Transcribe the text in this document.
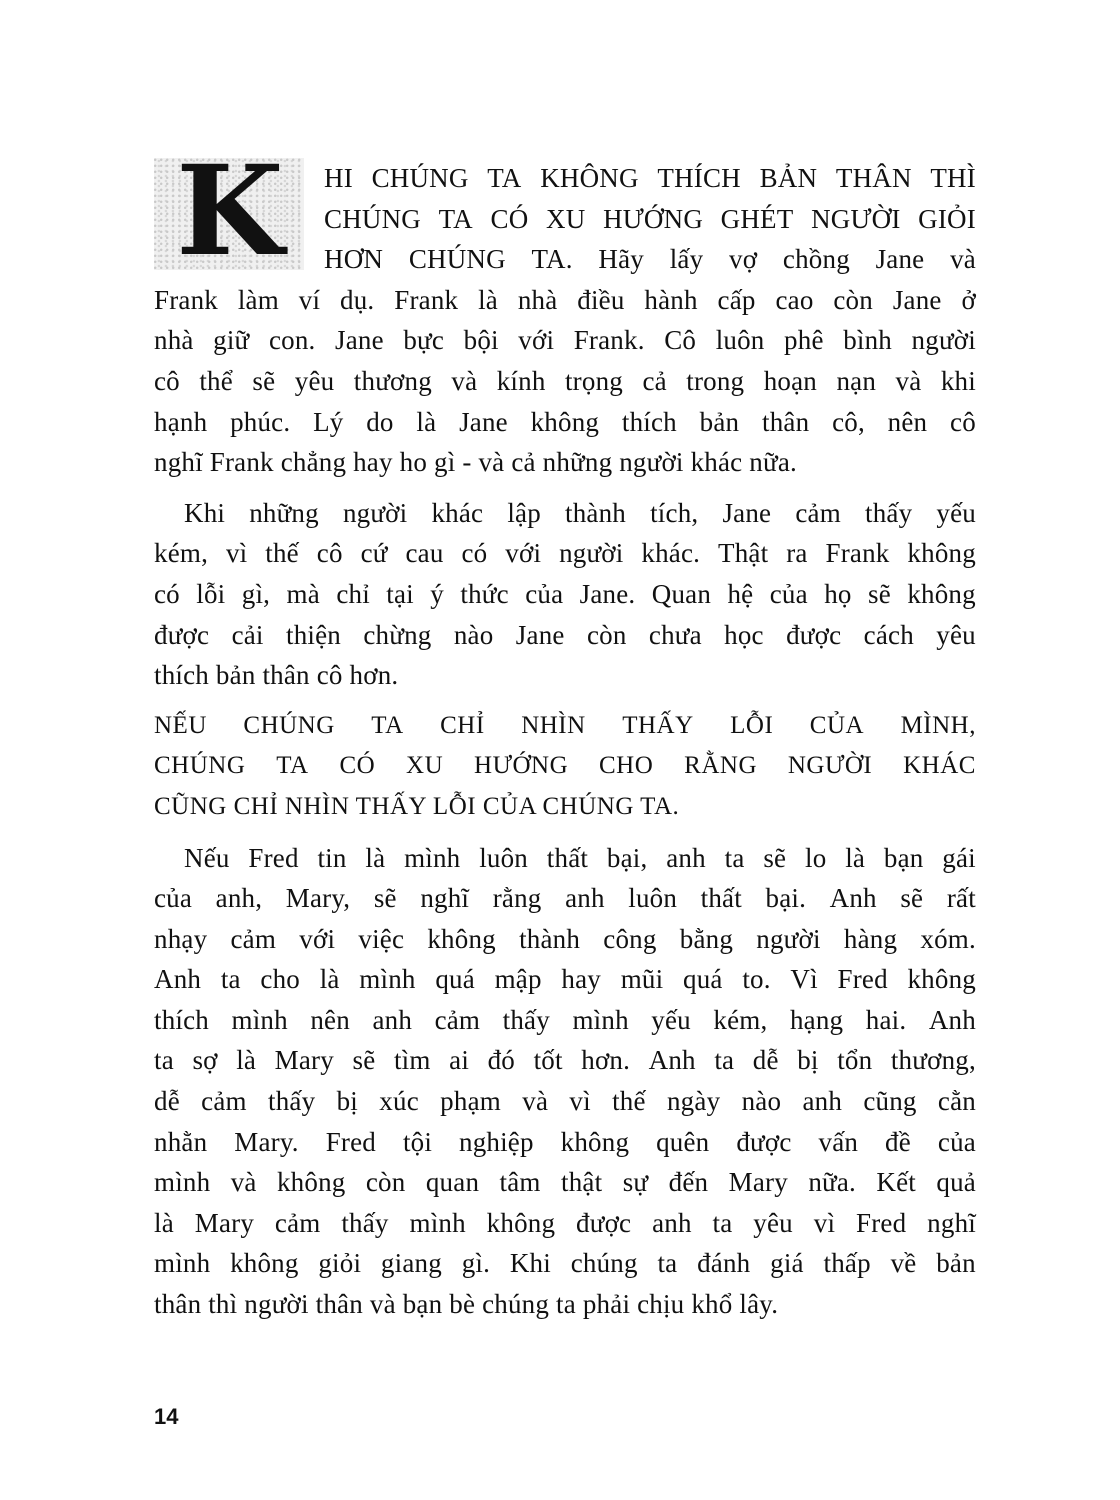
K HI CHÚNG TA KHÔNG THÍCH BẢN THÂN THÌ
CHÚNG TA CÓ XU HƯỚNG GHÉT NGƯỜI GIỎI
HƠN CHÚNG TA. Hãy lấy vợ chồng Jane và
Frank làm ví dụ. Frank là nhà điều hành cấp cao còn Jane ở
nhà giữ con. Jane bực bội với Frank. Cô luôn phê bình người
cô thể sẽ yêu thương và kính trọng cả trong hoạn nạn và khi
hạnh phúc. Lý do là Jane không thích bản thân cô, nên cô
nghĩ Frank chẳng hay ho gì - và cả những người khác nữa.
Khi những người khác lập thành tích, Jane cảm thấy yếu
kém, vì thế cô cứ cau có với người khác. Thật ra Frank không
có lỗi gì, mà chỉ tại ý thức của Jane. Quan hệ của họ sẽ không
được cải thiện chừng nào Jane còn chưa học được cách yêu
thích bản thân cô hơn.
NẾU CHÚNG TA CHỈ NHÌN THẤY LỖI CỦA MÌNH,
CHÚNG TA CÓ XU HƯỚNG CHO RẰNG NGƯỜI KHÁC
CŨNG CHỈ NHÌN THẤY LỖI CỦA CHÚNG TA.
Nếu Fred tin là mình luôn thất bại, anh ta sẽ lo là bạn gái
của anh, Mary, sẽ nghĩ rằng anh luôn thất bại. Anh sẽ rất
nhạy cảm với việc không thành công bằng người hàng xóm.
Anh ta cho là mình quá mập hay mũi quá to. Vì Fred không
thích mình nên anh cảm thấy mình yếu kém, hạng hai. Anh
ta sợ là Mary sẽ tìm ai đó tốt hơn. Anh ta dễ bị tổn thương,
dễ cảm thấy bị xúc phạm và vì thế ngày nào anh cũng cằn
nhằn Mary. Fred tội nghiệp không quên được vấn đề của
mình và không còn quan tâm thật sự đến Mary nữa. Kết quả
là Mary cảm thấy mình không được anh ta yêu vì Fred nghĩ
mình không giỏi giang gì. Khi chúng ta đánh giá thấp về bản
thân thì người thân và bạn bè chúng ta phải chịu khổ lây.
14
